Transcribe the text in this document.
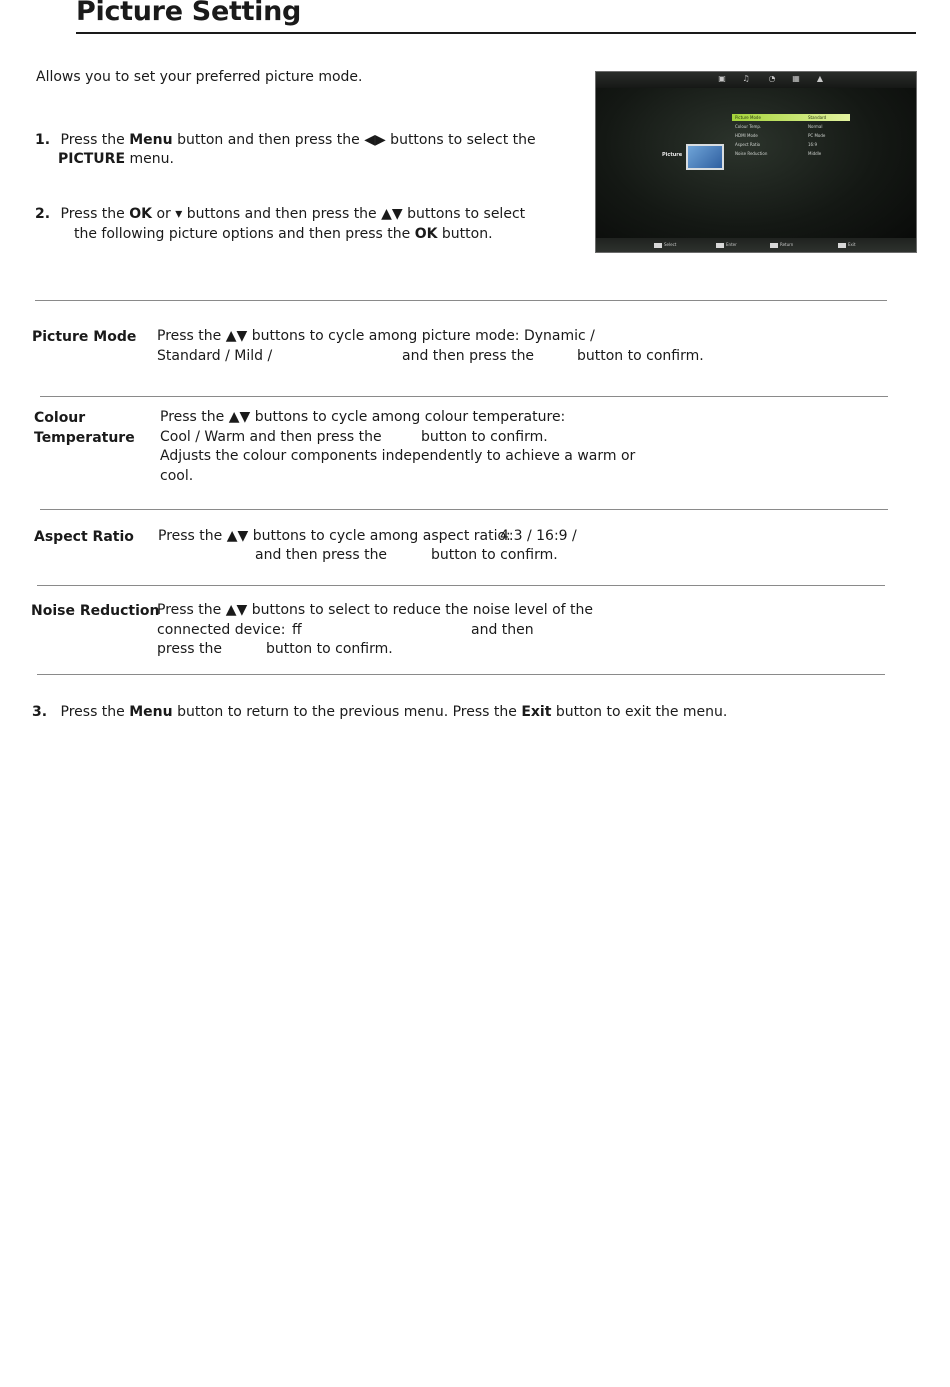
Picture Setting
Allows you to set your preferred picture mode.
1. Press the Menu button and then press the ◀▶ buttons to select the
PICTURE menu.
2. Press the OK or ▾ buttons and then press the ▲▼ buttons to select
the following picture options and then press the OK button.
▣ ♫ ◔ ▦ ▲
Picture
Picture Mode	Standard
Colour Temp.	Normal
HDMI Mode	PC Mode
Aspect Ratio	16:9
Noise Reduction	Middle
Select	Enter	Return	Exit
Picture Mode Press the ▲▼ buttons to cycle among picture mode: Dynamic /
Standard / Mild /	and then press the	button to confirm.
Colour
Temperature
Press the ▲▼ buttons to cycle among colour temperature:
Cool / Warm and then press the	button to confirm.
Adjusts the colour components independently to achieve a warm or
cool.
Aspect Ratio Press the ▲▼ buttons to cycle among aspect ratio:
4:3 / 16:9 /
and then press the	button to confirm.
Noise Reduction
Press the ▲▼ buttons to select to reduce the noise level of the
connected device: ff	and then
press the	button to confirm.
3. Press the Menu button to return to the previous menu. Press the Exit button to exit the menu.
